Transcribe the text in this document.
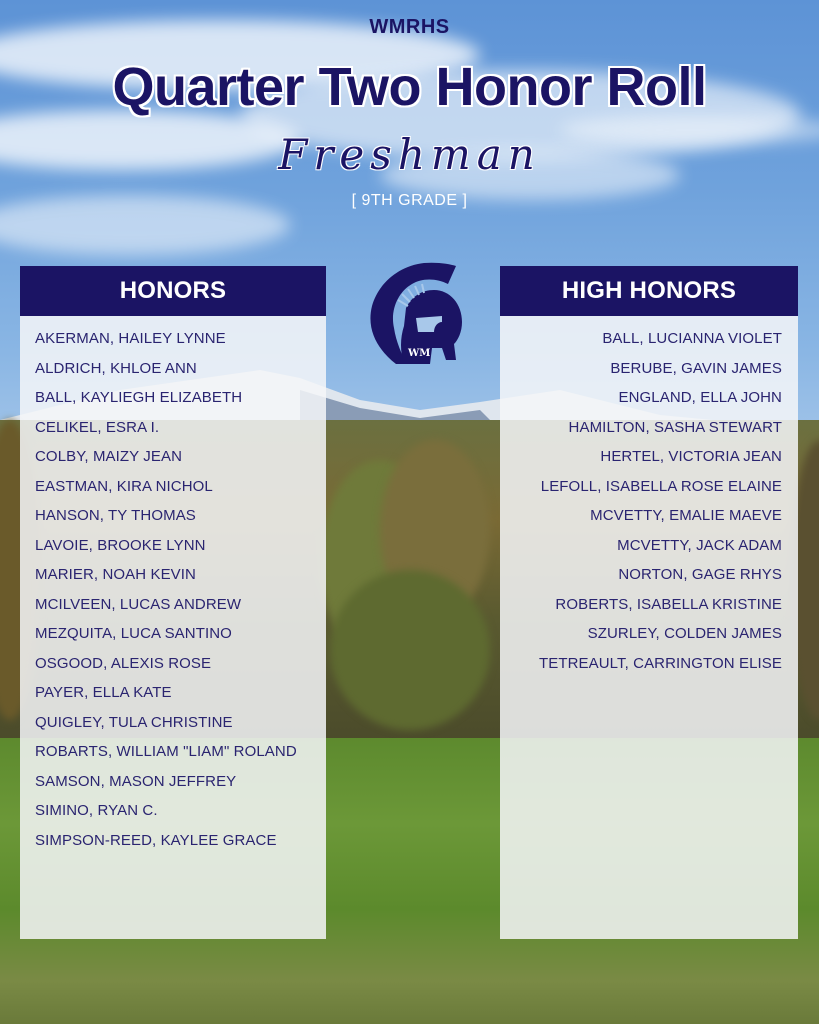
WMRHS
Quarter Two Honor Roll
Freshman
[ 9TH GRADE ]
HONORS
AKERMAN, HAILEY LYNNE
ALDRICH, KHLOE ANN
BALL, KAYLIEGH ELIZABETH
CELIKEL, ESRA I.
COLBY, MAIZY JEAN
EASTMAN, KIRA NICHOL
HANSON, TY THOMAS
LAVOIE, BROOKE LYNN
MARIER, NOAH KEVIN
MCILVEEN, LUCAS ANDREW
MEZQUITA, LUCA SANTINO
OSGOOD, ALEXIS ROSE
PAYER, ELLA KATE
QUIGLEY, TULA CHRISTINE
ROBARTS, WILLIAM "LIAM" ROLAND
SAMSON, MASON JEFFREY
SIMINO, RYAN C.
SIMPSON-REED, KAYLEE GRACE
WM
HIGH HONORS
BALL, LUCIANNA VIOLET
BERUBE, GAVIN JAMES
ENGLAND, ELLA JOHN
HAMILTON, SASHA STEWART
HERTEL, VICTORIA JEAN
LEFOLL, ISABELLA ROSE ELAINE
MCVETTY, EMALIE MAEVE
MCVETTY, JACK ADAM
NORTON, GAGE RHYS
ROBERTS, ISABELLA KRISTINE
SZURLEY, COLDEN JAMES
TETREAULT, CARRINGTON ELISE
